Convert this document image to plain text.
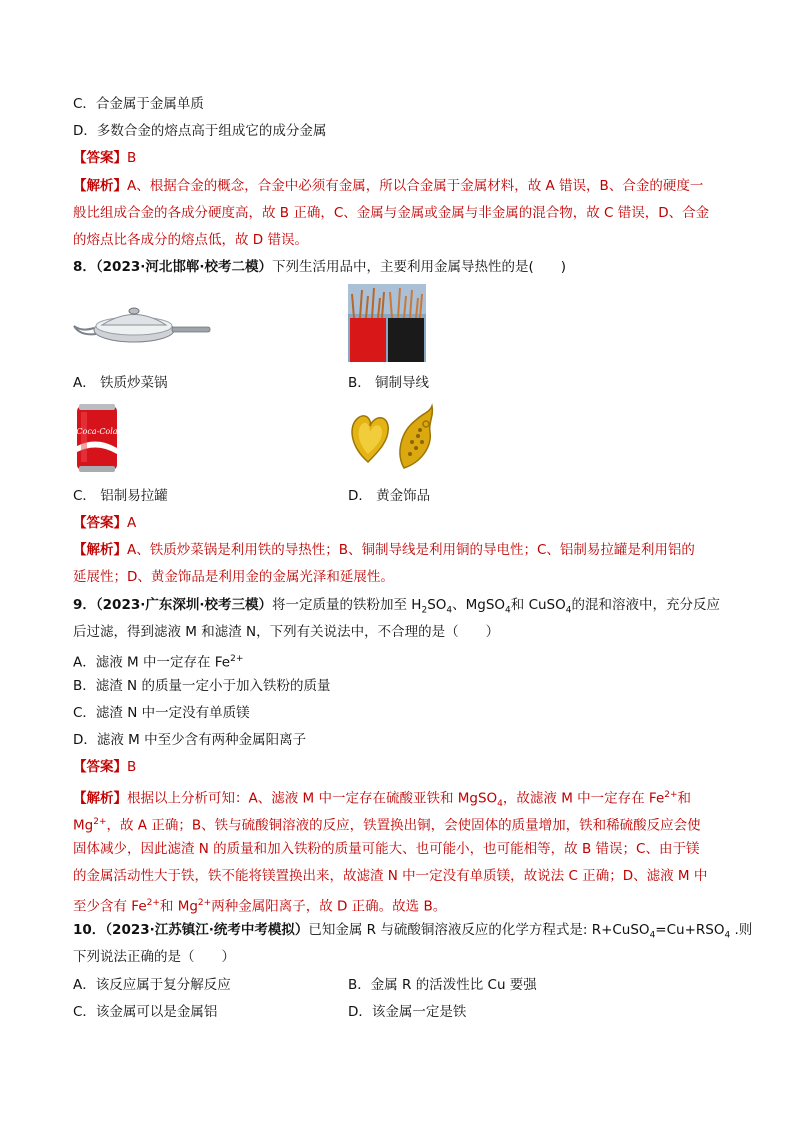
C．合金属于金属单质
D．多数合金的熔点高于组成它的成分金属
【答案】B
【解析】A、根据合金的概念，合金中必须有金属，所以合金属于金属材料，故 A 错误，B、合金的硬度一
般比组成合金的各成分硬度高，故 B 正确，C、金属与金属或金属与非金属的混合物，故 C 错误，D、合金
的熔点比各成分的熔点低，故 D 错误。
8．（2023·河北邯郸·校考二模）下列生活用品中，主要利用金属导热性的是(　　)
A． 铁质炒菜锅	B． 铜制导线
Coca-Cola
C． 铝制易拉罐	D． 黄金饰品
【答案】A
【解析】A、铁质炒菜锅是利用铁的导热性；B、铜制导线是利用铜的导电性；C、铝制易拉罐是利用铝的
延展性；D、黄金饰品是利用金的金属光泽和延展性。
9．（2023·广东深圳·校考三模）将一定质量的铁粉加至 $H_2SO_4$、MgSO$_4$和 CuSO$_4$的混和溶液中，充分反应
后过滤，得到滤液 M 和滤渣 N，下列有关说法中，不合理的是（　　）
A．滤液 M 中一定存在 $Fe^{2+}$
B．滤渣 N 的质量一定小于加入铁粉的质量
C．滤渣 N 中一定没有单质镁
D．滤液 M 中至少含有两种金属阳离子
【答案】B
【解析】根据以上分析可知：A、滤液 M 中一定存在硫酸亚铁和 MgSO$_4$，故滤液 M 中一定存在 $Fe^{2+}$和
$Mg^{2+}$，故 A 正确；B、铁与硫酸铜溶液的反应，铁置换出铜，会使固体的质量增加，铁和稀硫酸反应会使
固体减少，因此滤渣 N 的质量和加入铁粉的质量可能大、也可能小，也可能相等，故 B 错误；C、由于镁
的金属活动性大于铁，铁不能将镁置换出来，故滤渣 N 中一定没有单质镁，故说法 C 正确；D、滤液 M 中
至少含有 $Fe^{2+}$和 $Mg^{2+}$两种金属阳离子，故 D 正确。故选 B。
10．（2023·江苏镇江·统考中考模拟）已知金属 R 与硫酸铜溶液反应的化学方程式是: $R+CuSO_4=Cu+RSO_4$ .则
下列说法正确的是（　　）
A．该反应属于复分解反应	B．金属 R 的活泼性比 Cu 要强
C．该金属可以是金属铝	D．该金属一定是铁
